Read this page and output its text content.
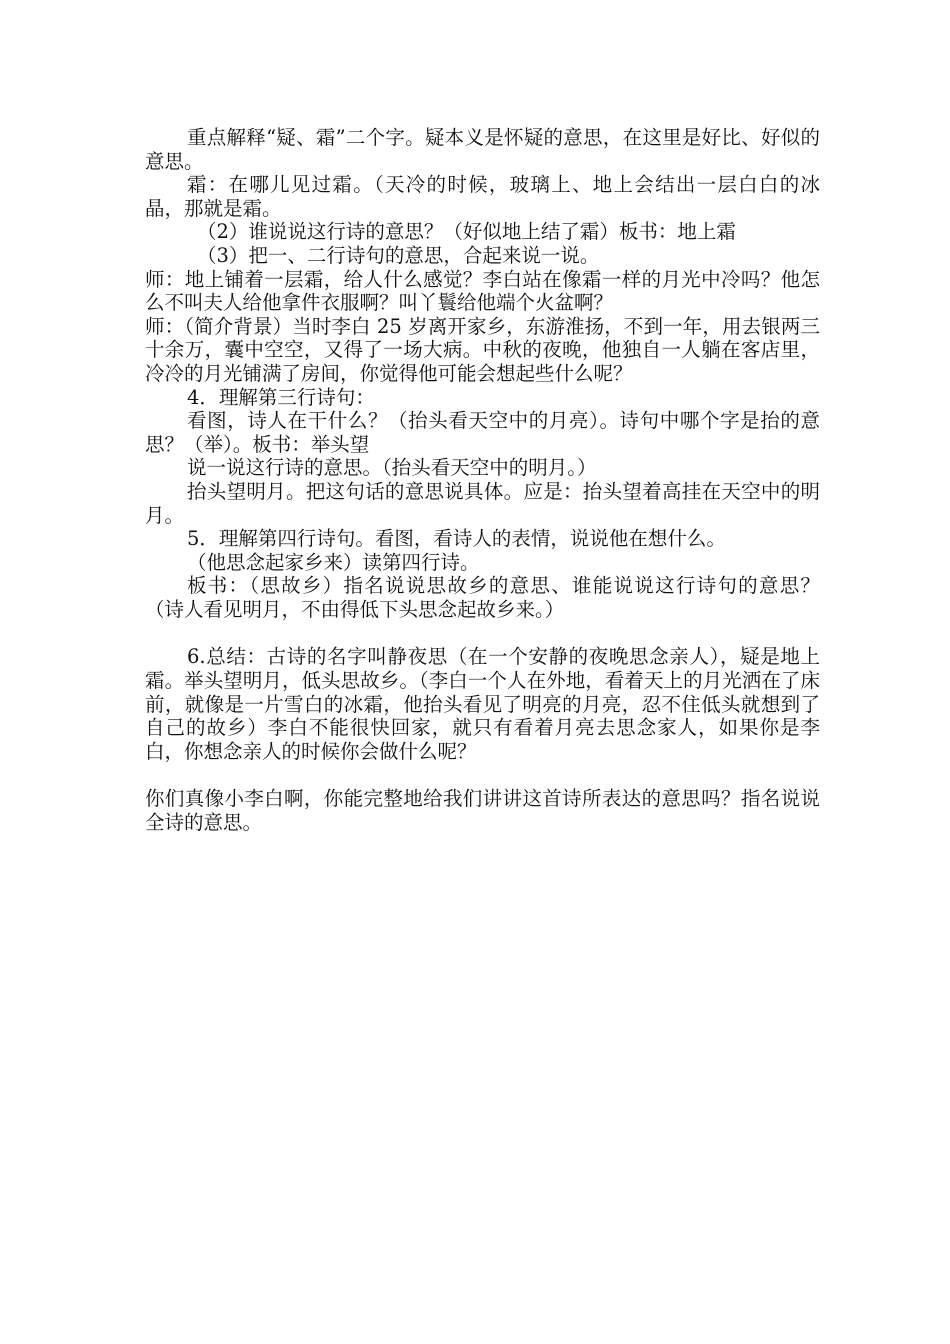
重点解释“疑、霜”二个字。疑本义是怀疑的意思，在这里是好比、好似的意思。

霜：在哪儿见过霜。（天冷的时候，玻璃上、地上会结出一层白白的冰晶，那就是霜。

（2）谁说说这行诗的意思？（好似地上结了霜）板书：地上霜

（3）把一、二行诗句的意思，合起来说一说。

师：地上铺着一层霜，给人什么感觉？李白站在像霜一样的月光中冷吗？他怎么不叫夫人给他拿件衣服啊？叫丫鬟给他端个火盆啊？

师：（简介背景）当时李白 25 岁离开家乡，东游淮扬，不到一年，用去银两三十余万，囊中空空，又得了一场大病。中秋的夜晚，他独自一人躺在客店里，冷冷的月光铺满了房间，你觉得他可能会想起些什么呢？

4．理解第三行诗句：

看图，诗人在干什么？（抬头看天空中的月亮）。诗句中哪个字是抬的意思？（举）。板书：举头望

说一说这行诗的意思。（抬头看天空中的明月。）

抬头望明月。把这句话的意思说具体。应是：抬头望着高挂在天空中的明月。

5．理解第四行诗句。看图，看诗人的表情，说说他在想什么。

（他思念起家乡来）读第四行诗。

板书：（思故乡）指名说说思故乡的意思、谁能说说这行诗句的意思？（诗人看见明月，不由得低下头思念起故乡来。）

6.总结：古诗的名字叫静夜思（在一个安静的夜晚思念亲人），疑是地上霜。举头望明月，低头思故乡。（李白一个人在外地，看着天上的月光洒在了床前，就像是一片雪白的冰霜，他抬头看见了明亮的月亮，忍不住低头就想到了自己的故乡）李白不能很快回家，就只有看着月亮去思念家人，如果你是李白，你想念亲人的时候你会做什么呢？

你们真像小李白啊，你能完整地给我们讲讲这首诗所表达的意思吗？指名说说全诗的意思。
